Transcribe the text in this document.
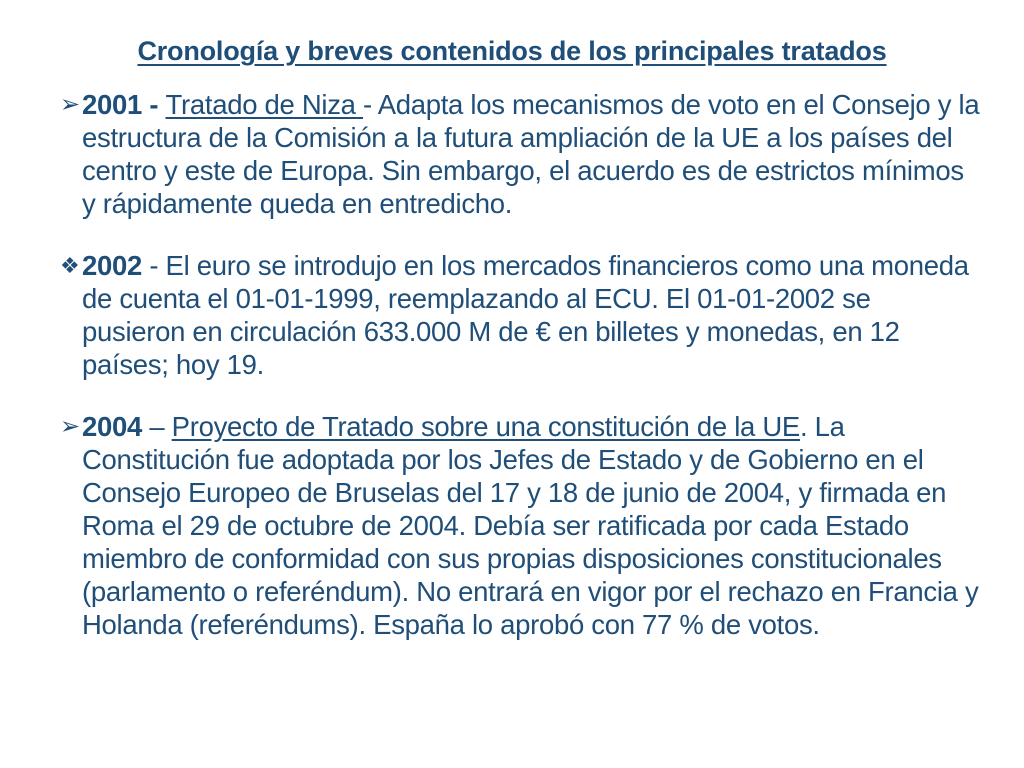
Cronología y breves contenidos de los principales tratados
➢ 2001 - Tratado de Niza - Adapta los mecanismos de voto en el Consejo y la estructura de la Comisión a la futura ampliación de la UE a los países del centro y este de Europa. Sin embargo, el acuerdo es de estrictos mínimos y rápidamente queda en entredicho.
❖ 2002 - El euro se introdujo en los mercados financieros como una moneda de cuenta el 01-01-1999, reemplazando al ECU. El 01-01-2002 se pusieron en circulación 633.000 M de € en billetes y monedas, en 12 países; hoy 19.
➢ 2004 – Proyecto de Tratado sobre una constitución de la UE. La Constitución fue adoptada por los Jefes de Estado y de Gobierno en el Consejo Europeo de Bruselas del 17 y 18 de junio de 2004, y firmada en Roma el 29 de octubre de 2004. Debía ser ratificada por cada Estado miembro de conformidad con sus propias disposiciones constitucionales (parlamento o referéndum). No entrará en vigor por el rechazo en Francia y Holanda (referéndums). España lo aprobó con 77 % de votos.
